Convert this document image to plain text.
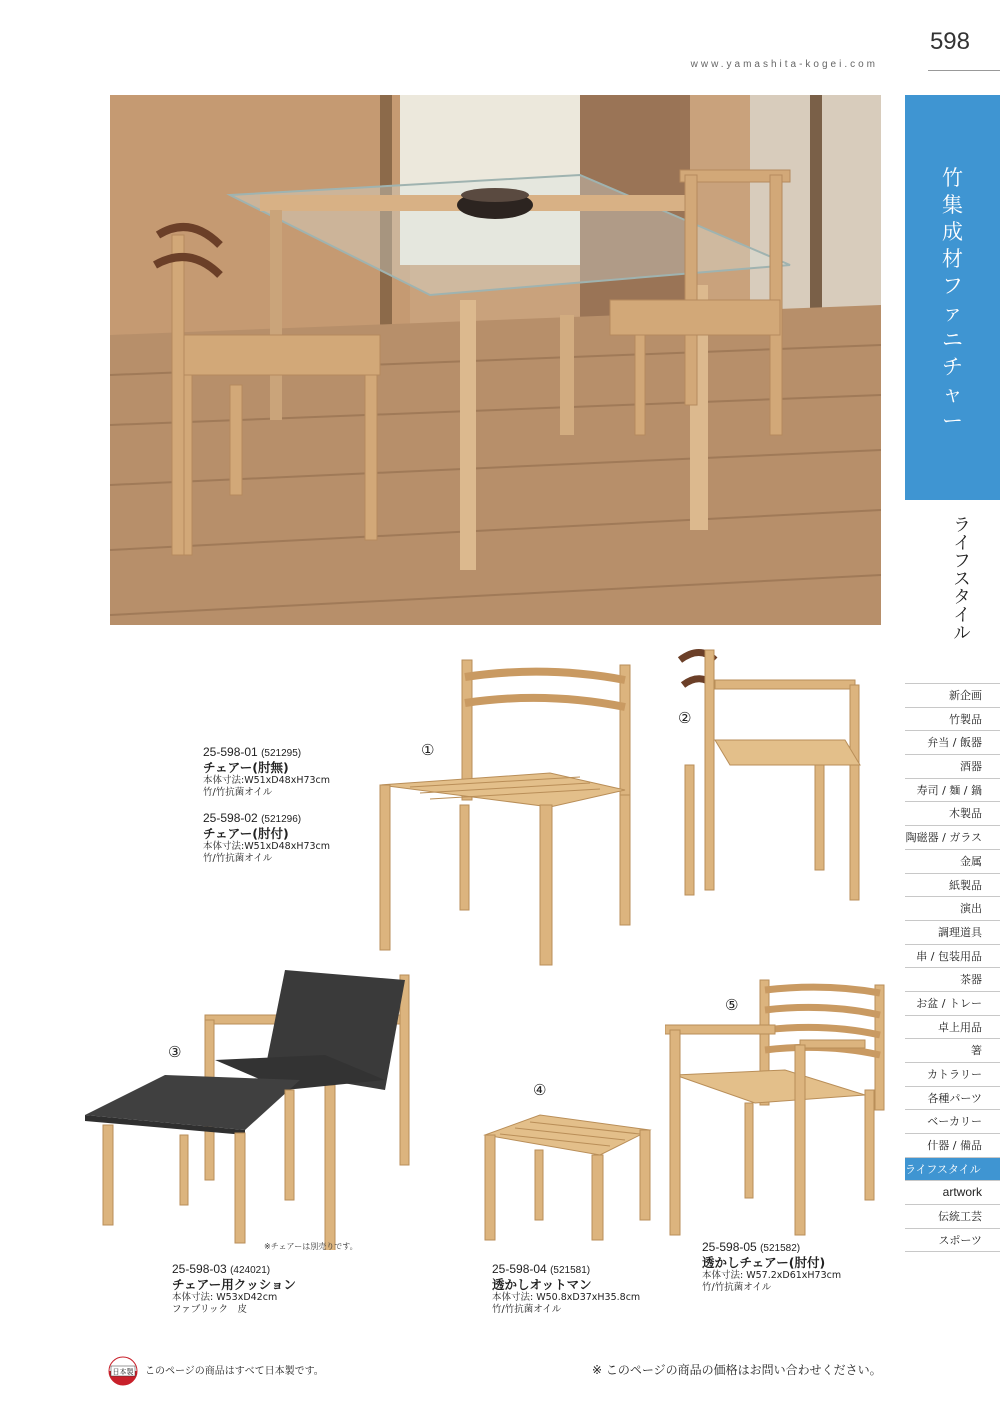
598
www.yamashita-kogei.com
竹
集
成
材
フ
ァ
ニ
チ
ャ
ー
ライフスタイル
新企画
竹製品
弁当 / 飯器
酒器
寿司 / 麺 / 鍋
木製品
陶磁器 / ガラス
金属
紙製品
演出
調理道具
串 / 包装用品
茶器
お盆 / トレー
卓上用品
箸
カトラリー
各種パーツ
ベーカリー
什器 / 備品
ライフスタイル
artwork
伝統工芸
スポーツ
①
②
25-598-01 (521295)
チェアー(肘無)
本体寸法:W51xD48xH73cm
竹/竹抗菌オイル
25-598-02 (521296)
チェアー(肘付)
本体寸法:W51xD48xH73cm
竹/竹抗菌オイル
③
※チェアーは別売りです。
25-598-03 (424021)
チェアー用クッション
本体寸法: W53xD42cm
ファブリック　皮
④
25-598-04 (521581)
透かしオットマン
本体寸法: W50.8xD37xH35.8cm
竹/竹抗菌オイル
⑤
25-598-05 (521582)
透かしチェアー(肘付)
本体寸法: W57.2xD61xH73cm
竹/竹抗菌オイル
日本製 このページの商品はすべて日本製です。	※ このページの商品の価格はお問い合わせください。
